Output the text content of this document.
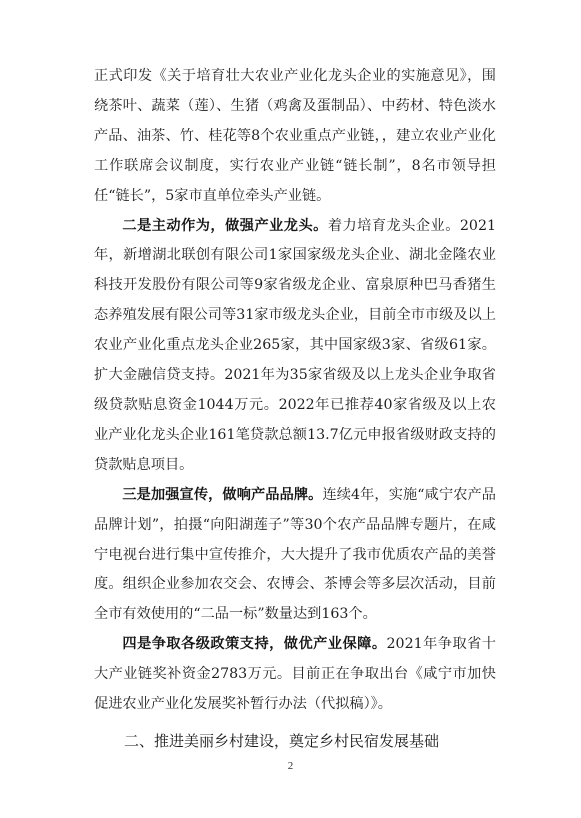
正式印发《关于培育壮大农业产业化龙头企业的实施意见》，围绕茶叶、蔬菜（莲）、生猪（鸡禽及蛋制品）、中药材、特色淡水产品、油茶、竹、桂花等8个农业重点产业链，，建立农业产业化工作联席会议制度，实行农业产业链“链长制”，8名市领导担任“链长”，5家市直单位牵头产业链。

二是主动作为，做强产业龙头。着力培育龙头企业。2021年，新增湖北联创有限公司1家国家级龙头企业、湖北金隆农业科技开发股份有限公司等9家省级龙企业、富泉原种巴马香猪生态养殖发展有限公司等31家市级龙头企业，目前全市市级及以上农业产业化重点龙头企业265家，其中国家级3家、省级61家。扩大金融信贷支持。2021年为35家省级及以上龙头企业争取省级贷款贴息资金1044万元。2022年已推荐40家省级及以上农业产业化龙头企业161笔贷款总额13.7亿元申报省级财政支持的贷款贴息项目。

三是加强宣传，做响产品品牌。连续4年，实施“咸宁农产品品牌计划”，拍摄“向阳湖莲子”等30个农产品品牌专题片，在咸宁电视台进行集中宣传推介，大大提升了我市优质农产品的美誉度。组织企业参加农交会、农博会、茶博会等多层次活动，目前全市有效使用的“二品一标”数量达到163个。

四是争取各级政策支持，做优产业保障。2021年争取省十大产业链奖补资金2783万元。目前正在争取出台《咸宁市加快促进农业产业化发展奖补暂行办法（代拟稿）》。

二、推进美丽乡村建设，奠定乡村民宿发展基础

2
